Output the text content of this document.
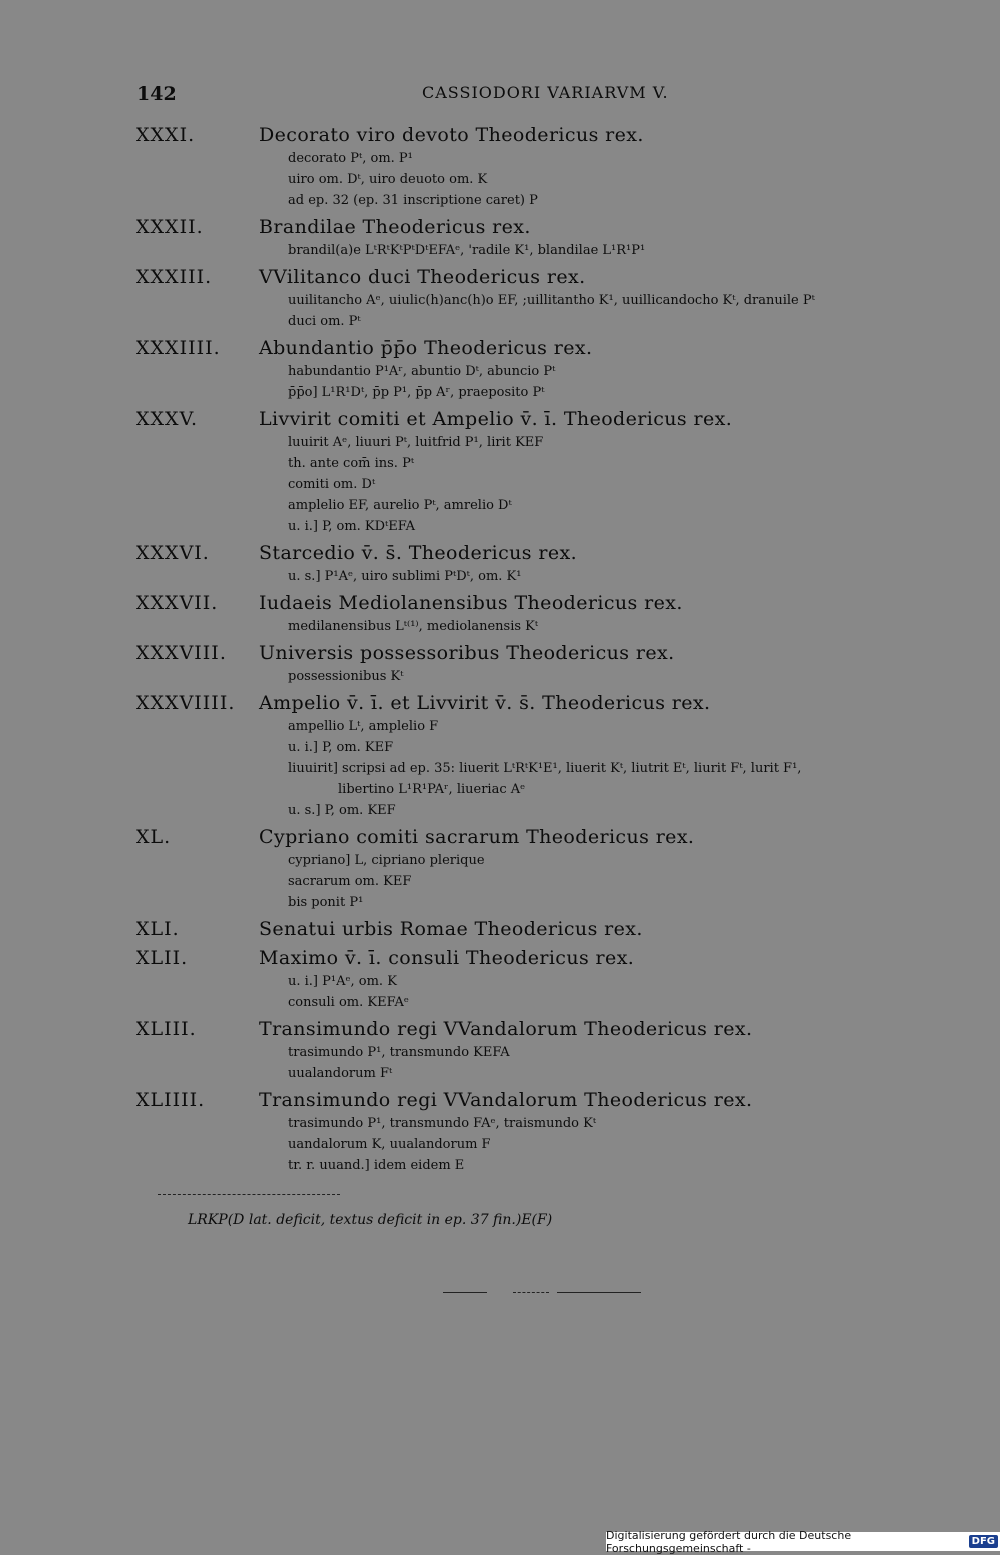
142	CASSIODORI VARIARVM V.
XXXI.	Decorato viro devoto Theodericus rex.
decorato Pᵗ, om. P¹
uiro om. Dᵗ, uiro deuoto om. K
ad ep. 32 (ep. 31 inscriptione caret) P
XXXII.	Brandilae Theodericus rex.
brandil(a)e LᵗRᵗKᵗPᵗDᵗEFAᵉ, 'radile K¹, blandilae L¹R¹P¹
XXXIII. VVilitanco duci Theodericus rex.
uuilitancho Aᵉ, uiulic(h)anc(h)o EF, ;uillitantho K¹, uuillicandocho Kᵗ, dranuile Pᵗ
duci om. Pᵗ
XXXIIII. Abundantio p̄p̄o Theodericus rex.
habundantio P¹Aʳ, abuntio Dᵗ, abuncio Pᵗ
p̄p̄o] L¹R¹Dᵗ, p̄p P¹, p̄p Aʳ, praeposito Pᵗ
XXXV.	Livvirit comiti et Ampelio v̄. ī. Theodericus rex.
luuirit Aᵉ, liuuri Pᵗ, luitfrid P¹, lirit KEF
th. ante com̄ ins. Pᵗ
comiti om. Dᵗ
amplelio EF, aurelio Pᵗ, amrelio Dᵗ
u. i.] P, om. KDᵗEFA
XXXVI.	Starcedio v̄. s̄. Theodericus rex.
u. s.] P¹Aᵉ, uiro sublimi PᵗDᵗ, om. K¹
XXXVII. Iudaeis Mediolanensibus Theodericus rex.
medilanensibus Lᵗ⁽¹⁾, mediolanensis Kᵗ
XXXVIII. Universis possessoribus Theodericus rex.
possessionibus Kᵗ
XXXVIIII. Ampelio v̄. ī. et Livvirit v̄. s̄. Theodericus rex.
ampellio Lᵗ, amplelio F
u. i.] P, om. KEF
liuuirit] scripsi ad ep. 35: liuerit LᵗRᵗK¹E¹, liuerit Kᵗ, liutrit Eᵗ, liurit Fᵗ, lurit F¹,
libertino L¹R¹PAʳ, liueriac Aᵉ
u. s.] P, om. KEF
XL.	Cypriano comiti sacrarum Theodericus rex.
cypriano] L, cipriano plerique
sacrarum om. KEF
bis ponit P¹
XLI.	Senatui urbis Romae Theodericus rex.
XLII.	Maximo v̄. ī. consuli Theodericus rex.
u. i.] P¹Aᵉ, om. K
consuli om. KEFAᵉ
XLIII.	Transimundo regi VVandalorum Theodericus rex.
trasimundo P¹, transmundo KEFA
uualandorum Fᵗ
XLIIII.	Transimundo regi VVandalorum Theodericus rex.
trasimundo P¹, transmundo FAᵉ, traismundo Kᵗ
uandalorum K, uualandorum F
tr. r. uuand.] idem eidem E
LRKP(D lat. deficit, textus deficit in ep. 37 fin.)E(F)
Digitalisierung gefördert durch die Deutsche Forschungsgemeinschaft -	DFG
